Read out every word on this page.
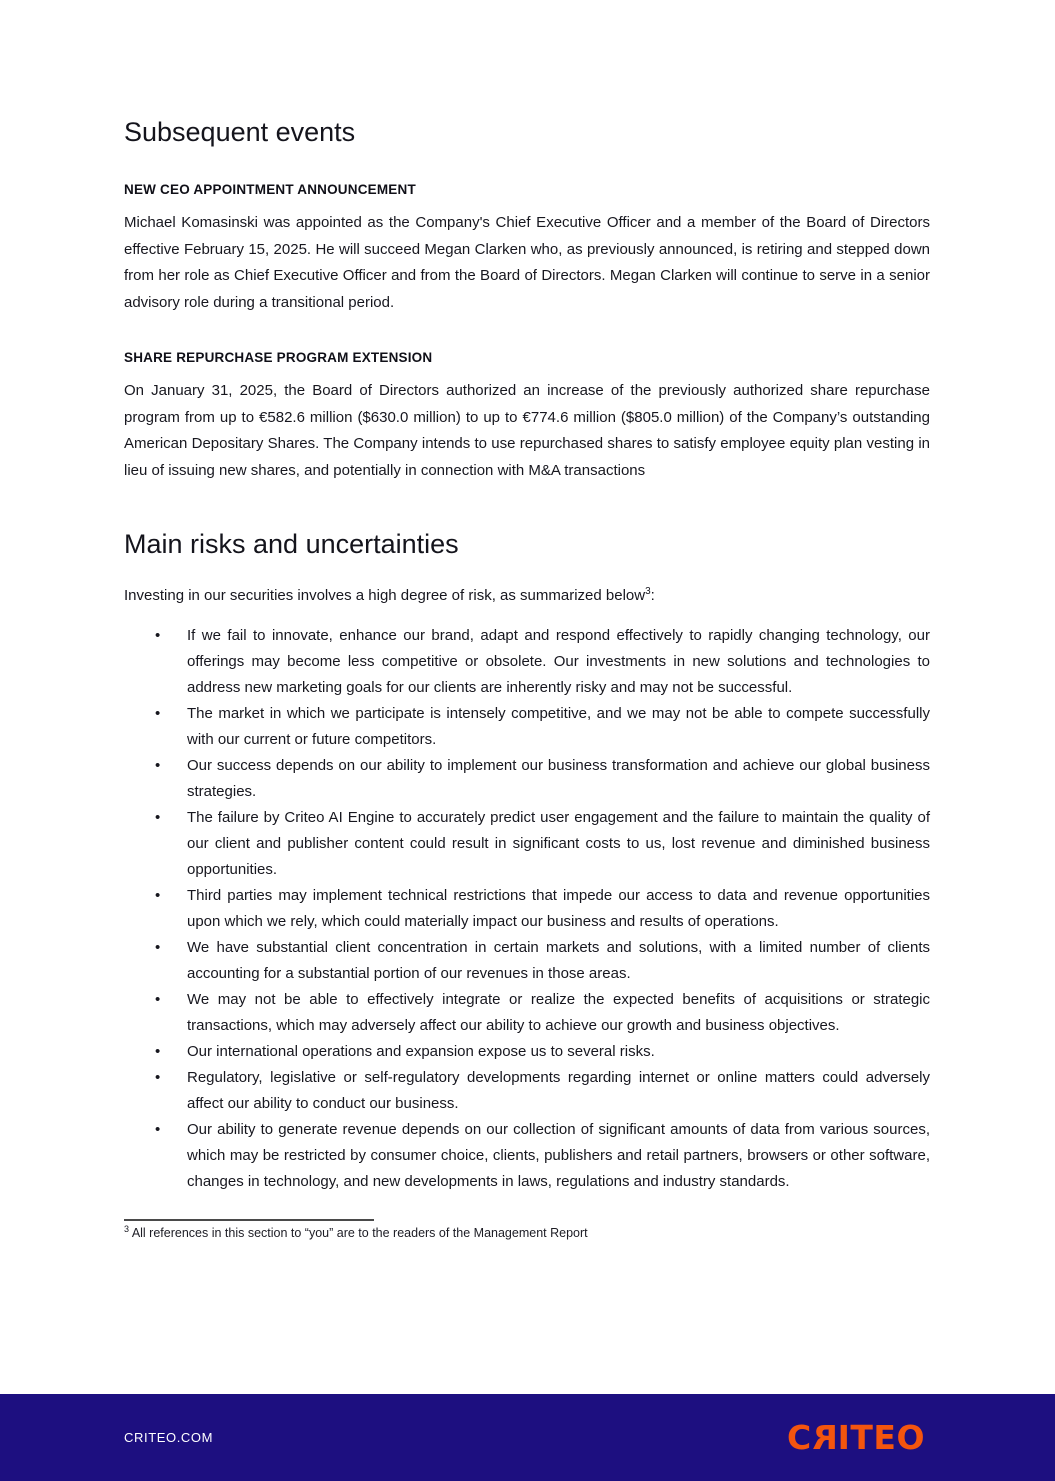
Subsequent events
NEW CEO APPOINTMENT ANNOUNCEMENT

Michael Komasinski was appointed as the Company's Chief Executive Officer and a member of the Board of Directors effective February 15, 2025. He will succeed Megan Clarken who, as previously announced, is retiring and stepped down from her role as Chief Executive Officer and from the Board of Directors. Megan Clarken will continue to serve in a senior advisory role during a transitional period.

SHARE REPURCHASE PROGRAM EXTENSION

On January 31, 2025, the Board of Directors authorized an increase of the previously authorized share repurchase program from up to €582.6 million ($630.0 million) to up to €774.6 million ($805.0 million) of the Company’s outstanding American Depositary Shares. The Company intends to use repurchased shares to satisfy employee equity plan vesting in lieu of issuing new shares, and potentially in connection with M&A transactions

Main risks and uncertainties

Investing in our securities involves a high degree of risk, as summarized below$^3$:

• If we fail to innovate, enhance our brand, adapt and respond effectively to rapidly changing technology, our offerings may become less competitive or obsolete. Our investments in new solutions and technologies to address new marketing goals for our clients are inherently risky and may not be successful.
• The market in which we participate is intensely competitive, and we may not be able to compete successfully with our current or future competitors.
• Our success depends on our ability to implement our business transformation and achieve our global business strategies.
• The failure by Criteo AI Engine to accurately predict user engagement and the failure to maintain the quality of our client and publisher content could result in significant costs to us, lost revenue and diminished business opportunities.
• Third parties may implement technical restrictions that impede our access to data and revenue opportunities upon which we rely, which could materially impact our business and results of operations.
• We have substantial client concentration in certain markets and solutions, with a limited number of clients accounting for a substantial portion of our revenues in those areas.
• We may not be able to effectively integrate or realize the expected benefits of acquisitions or strategic transactions, which may adversely affect our ability to achieve our growth and business objectives.
• Our international operations and expansion expose us to several risks.
• Regulatory, legislative or self-regulatory developments regarding internet or online matters could adversely affect our ability to conduct our business.
• Our ability to generate revenue depends on our collection of significant amounts of data from various sources, which may be restricted by consumer choice, clients, publishers and retail partners, browsers or other software, changes in technology, and new developments in laws, regulations and industry standards.

$^3$ All references in this section to “you” are to the readers of the Management Report

CRITEO.COM	CRITEO
